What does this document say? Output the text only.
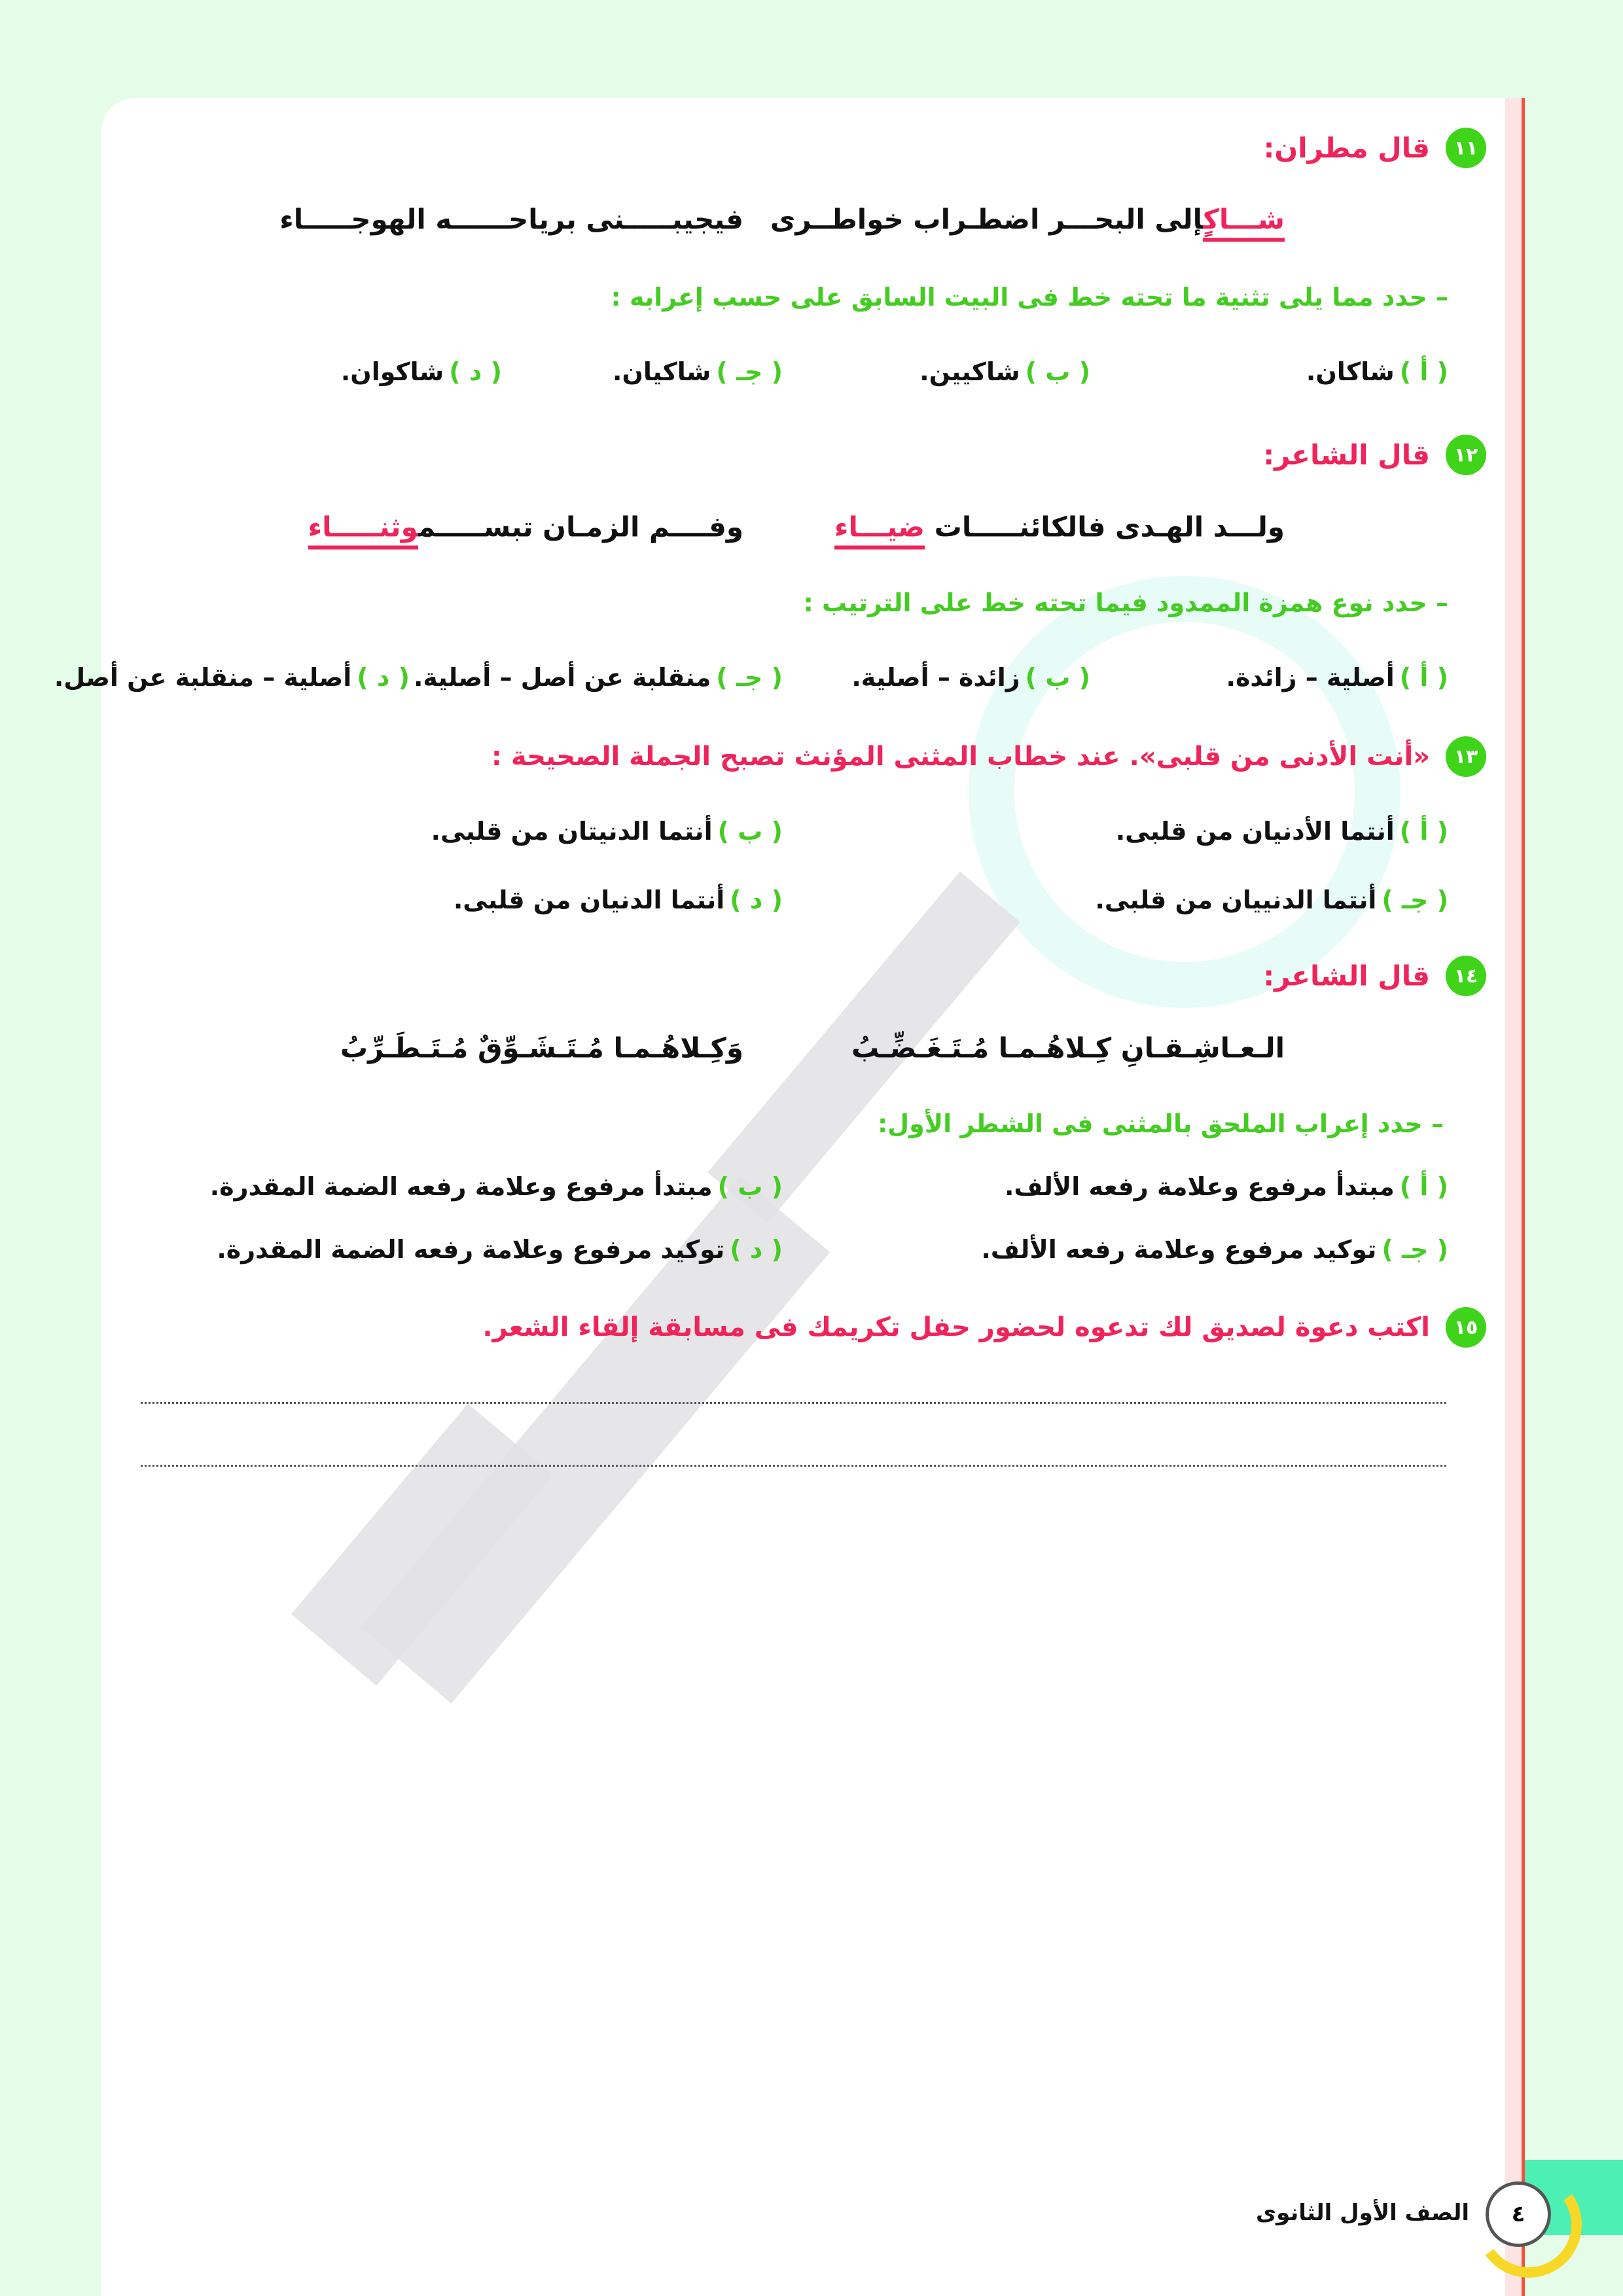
١١
قال مطران:
شـــاكٍإلى البحـــر اضطـراب خواطــرى
فيجيبـــــنى برياحــــــه الهوجـــــاء
– حدد مما يلى تثنية ما تحته خط فى البيت السابق على حسب إعرابه :
( أ )شاكان.
( ب )شاكيين.
( جـ )شاكيان.
( د )شاكوان.
١٢
قال الشاعر:
ولـــد الهـدى فالكائنـــــات ضيـــاء
وفــــم الزمـان تبســـــموثنـــــاء
– حدد نوع همزة الممدود فيما تحته خط على الترتيب :
( أ )أصلية – زائدة.
( ب )زائدة – أصلية.
( جـ )منقلبة عن أصل – أصلية.
( د )أصلية – منقلبة عن أصل.
١٣
«أنت الأدنى من قلبى». عند خطاب المثنى المؤنث تصبح الجملة الصحيحة :
( أ )أنتما الأدنيان من قلبى.
( ب )أنتما الدنيتان من قلبى.
( جـ )أنتما الدنييان من قلبى.
( د )أنتما الدنيان من قلبى.
١٤
قال الشاعر:
الـعـاشِـقـانِ كِـلاهُـمـا مُـتَـغَـضِّـبُ
وَكِـلاهُـمـا مُـتَـشَـوِّقٌ مُـتَـطَـرِّبُ
– حدد إعراب الملحق بالمثنى فى الشطر الأول:
( أ )مبتدأ مرفوع وعلامة رفعه الألف.
( ب )مبتدأ مرفوع وعلامة رفعه الضمة المقدرة.
( جـ )توكيد مرفوع وعلامة رفعه الألف.
( د )توكيد مرفوع وعلامة رفعه الضمة المقدرة.
١٥
اكتب دعوة لصديق لك تدعوه لحضور حفل تكريمك فى مسابقة إلقاء الشعر.
٤
الصف الأول الثانوى
